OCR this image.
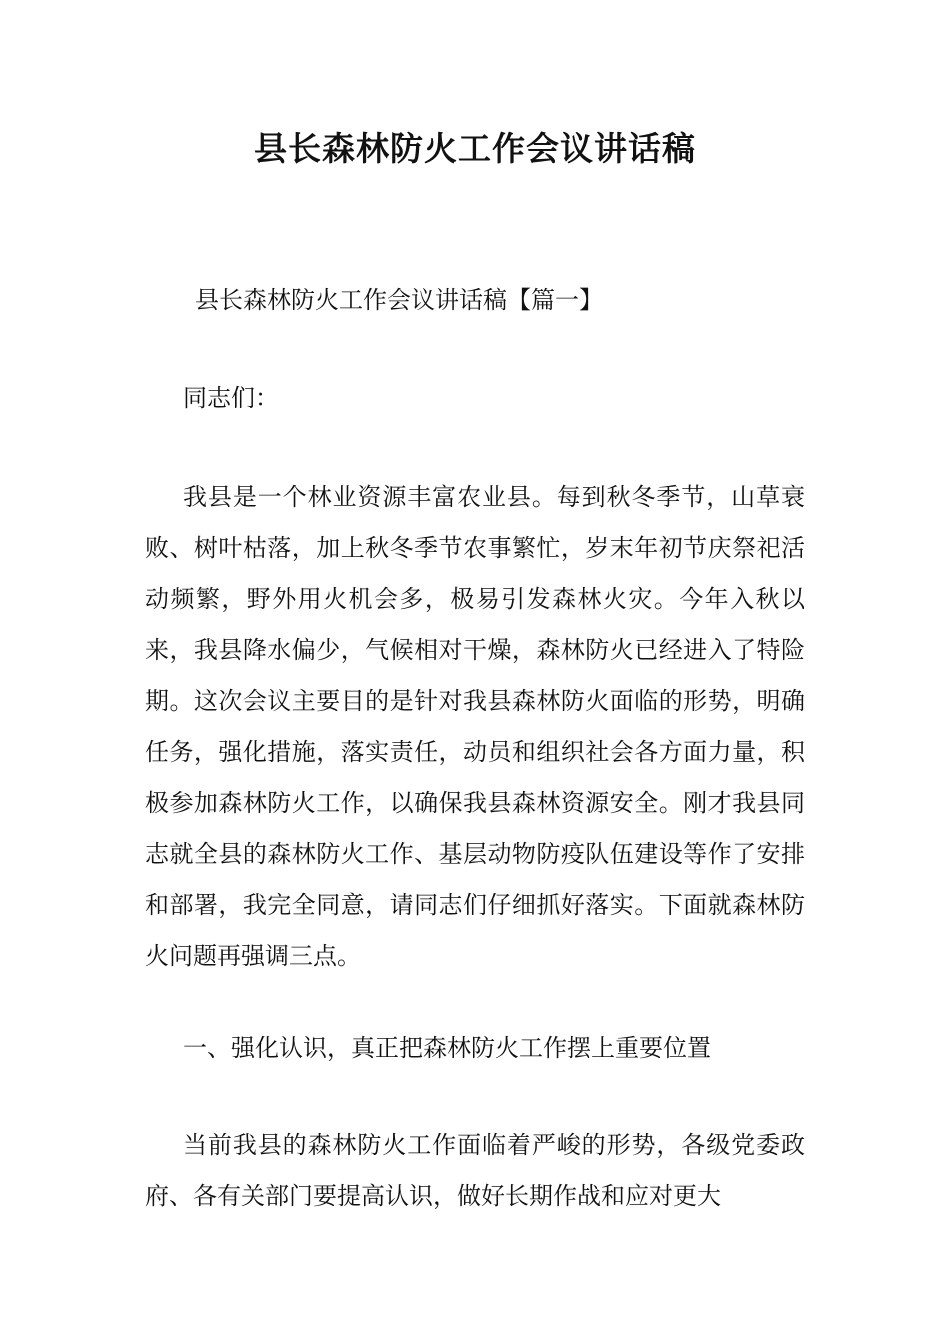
县长森林防火工作会议讲话稿

县长森林防火工作会议讲话稿【篇一】

同志们：

我县是一个林业资源丰富农业县。每到秋冬季节，山草衰败、树叶枯落，加上秋冬季节农事繁忙，岁末年初节庆祭祀活动频繁，野外用火机会多，极易引发森林火灾。今年入秋以来，我县降水偏少，气候相对干燥，森林防火已经进入了特险期。这次会议主要目的是针对我县森林防火面临的形势，明确任务，强化措施，落实责任，动员和组织社会各方面力量，积极参加森林防火工作，以确保我县森林资源安全。刚才我县同志就全县的森林防火工作、基层动物防疫队伍建设等作了安排和部署，我完全同意，请同志们仔细抓好落实。下面就森林防火问题再强调三点。

一、强化认识，真正把森林防火工作摆上重要位置

当前我县的森林防火工作面临着严峻的形势，各级党委政府、各有关部门要提高认识，做好长期作战和应对更大
